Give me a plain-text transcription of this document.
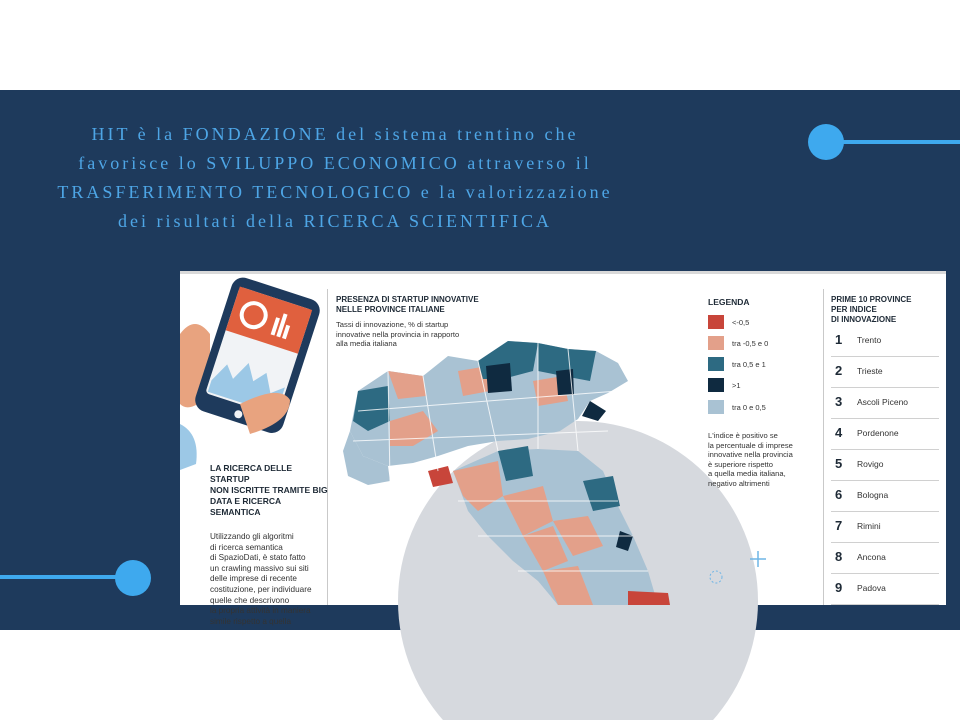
HIT è la FONDAZIONE del sistema trentino che
favorisce lo SVILUPPO ECONOMICO attraverso il
TRASFERIMENTO TECNOLOGICO e la valorizzazione
dei risultati della RICERCA SCIENTIFICA
LA RICERCA DELLE STARTUP
NON ISCRITTE TRAMITE BIG
DATA E RICERCA SEMANTICA
Utilizzando gli algoritmi
di ricerca semantica
di SpazioDati, è stato fatto
un crawling massivo sui siti
delle imprese di recente
costituzione, per individuare
quelle che descrivono
la propria attività in maniera
simile rispetto a quella
PRESENZA DI STARTUP INNOVATIVE
NELLE PROVINCE ITALIANE
Tassi di innovazione, % di startup
innovative nella provincia in rapporto
alla media italiana
LEGENDA
<-0,5
tra -0,5 e 0
tra 0,5 e 1
>1
tra 0 e 0,5
L'indice è positivo se
la percentuale di imprese
innovative nella provincia
è superiore rispetto
a quella media italiana,
negativo altrimenti
PRIME 10 PROVINCE
PER INDICE
DI INNOVAZIONE
1 Trento
2 Trieste
3 Ascoli Piceno
4 Pordenone
5 Rovigo
6 Bologna
7 Rimini
8 Ancona
9 Padova
